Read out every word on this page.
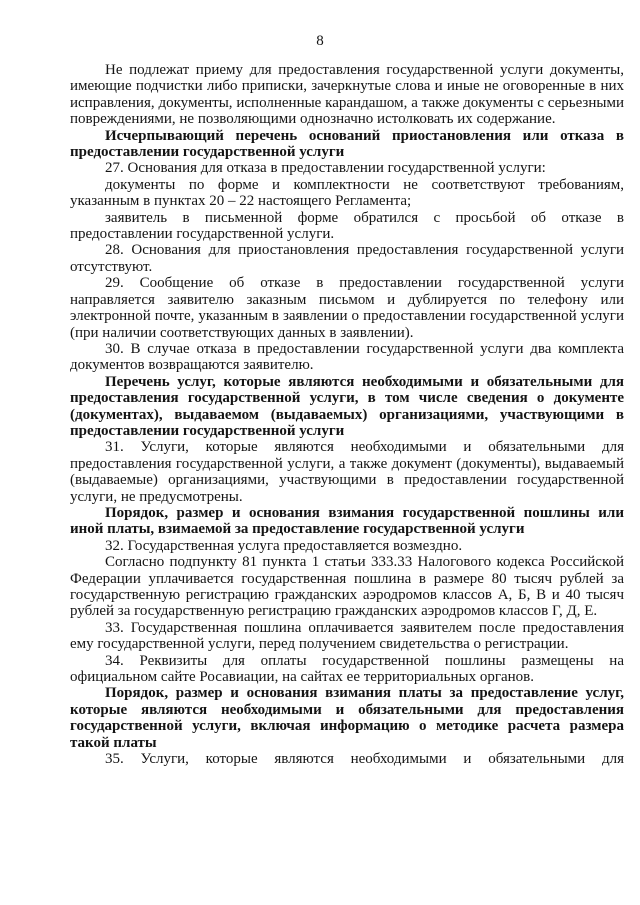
8

Не подлежат приему для предоставления государственной услуги документы, имеющие подчистки либо приписки, зачеркнутые слова и иные не оговоренные в них исправления, документы, исполненные карандашом, а также документы с серьезными повреждениями, не позволяющими однозначно истолковать их содержание.

Исчерпывающий перечень оснований приостановления или отказа в предоставлении государственной услуги

27. Основания для отказа в предоставлении государственной услуги:

документы по форме и комплектности не соответствуют требованиям, указанным в пунктах 20 – 22 настоящего Регламента;

заявитель в письменной форме обратился с просьбой об отказе в предоставлении государственной услуги.

28. Основания для приостановления предоставления государственной услуги отсутствуют.

29. Сообщение об отказе в предоставлении государственной услуги направляется заявителю заказным письмом и дублируется по телефону или электронной почте, указанным в заявлении о предоставлении государственной услуги (при наличии соответствующих данных в заявлении).

30. В случае отказа в предоставлении государственной услуги два комплекта документов возвращаются заявителю.

Перечень услуг, которые являются необходимыми и обязательными для предоставления государственной услуги, в том числе сведения о документе (документах), выдаваемом (выдаваемых) организациями, участвующими в предоставлении государственной услуги

31. Услуги, которые являются необходимыми и обязательными для предоставления государственной услуги, а также документ (документы), выдаваемый (выдаваемые) организациями, участвующими в предоставлении государственной услуги, не предусмотрены.

Порядок, размер и основания взимания государственной пошлины или иной платы, взимаемой за предоставление государственной услуги

32. Государственная услуга предоставляется возмездно.

Согласно подпункту 81 пункта 1 статьи 333.33 Налогового кодекса Российской Федерации уплачивается государственная пошлина в размере 80 тысяч рублей за государственную регистрацию гражданских аэродромов классов А, Б, В и 40 тысяч рублей за государственную регистрацию гражданских аэродромов классов Г, Д, Е.

33. Государственная пошлина оплачивается заявителем после предоставления ему государственной услуги, перед получением свидетельства о регистрации.

34. Реквизиты для оплаты государственной пошлины размещены на официальном сайте Росавиации, на сайтах ее территориальных органов.

Порядок, размер и основания взимания платы за предоставление услуг, которые являются необходимыми и обязательными для предоставления государственной услуги, включая информацию о методике расчета размера такой платы

35. Услуги, которые являются необходимыми и обязательными для
